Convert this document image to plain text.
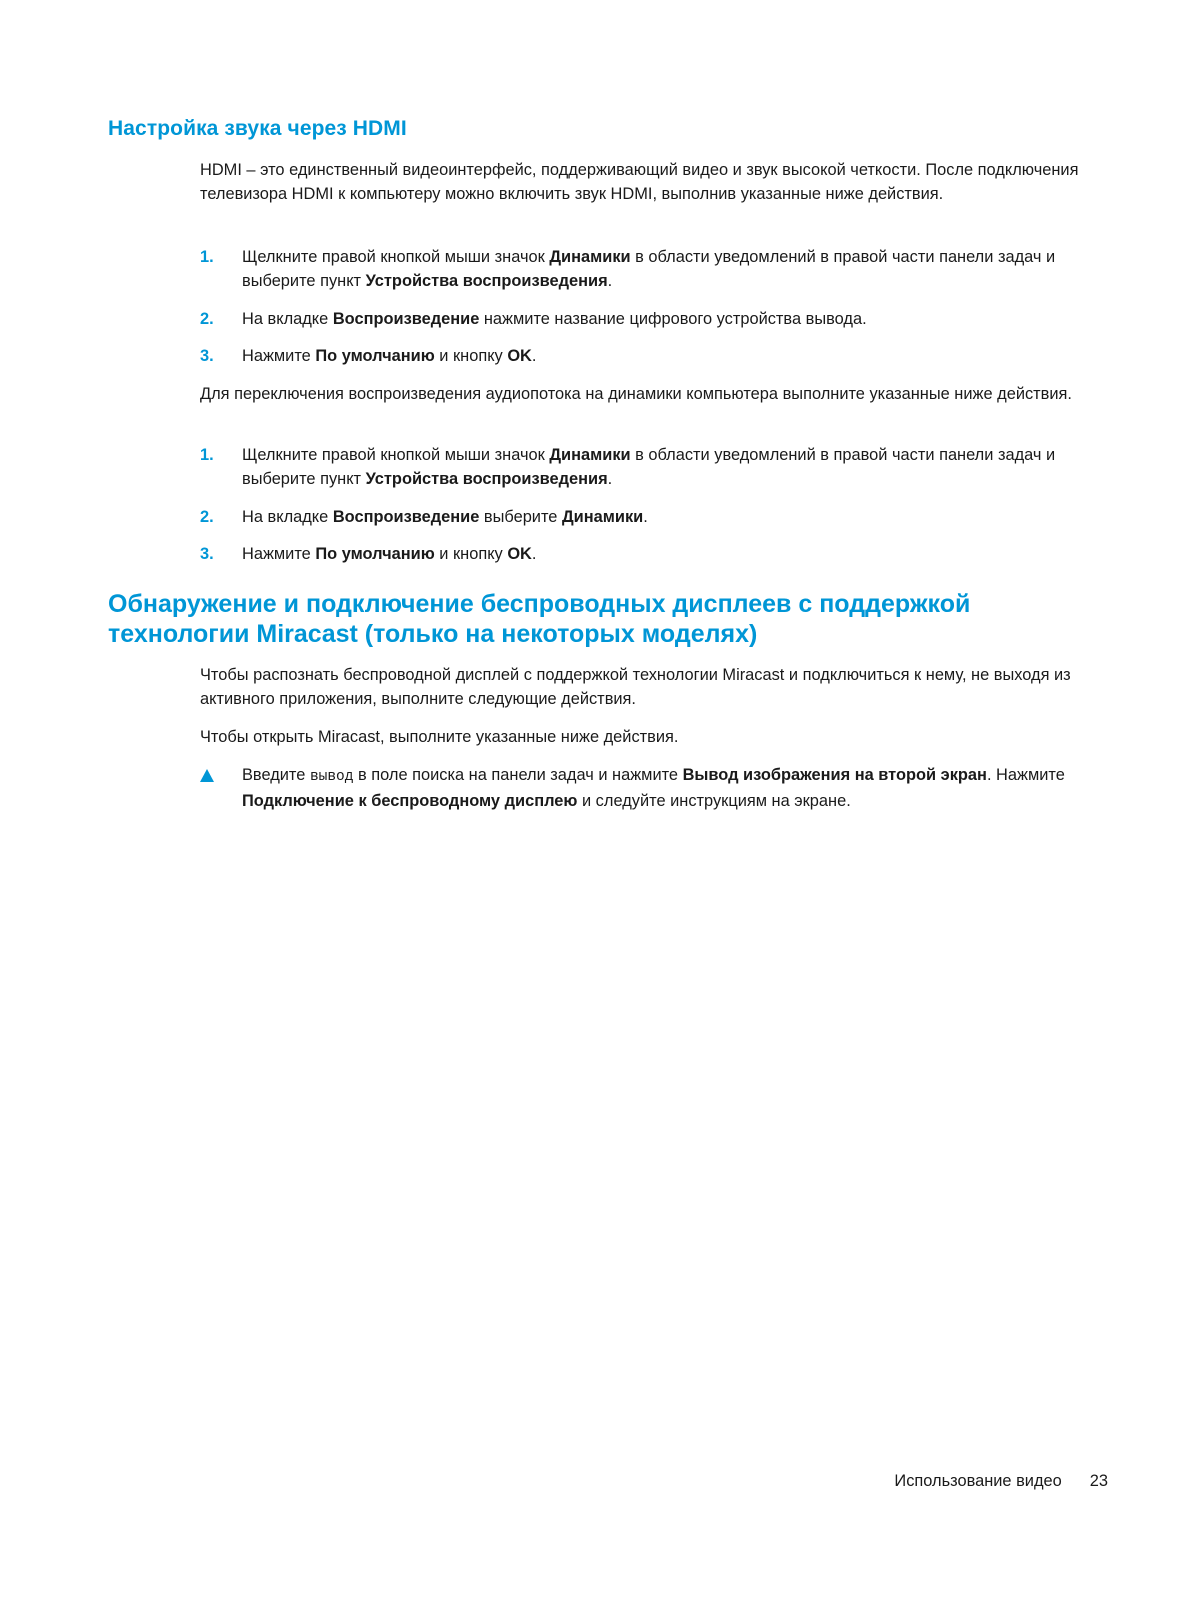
Настройка звука через HDMI

HDMI – это единственный видеоинтерфейс, поддерживающий видео и звук высокой четкости. После подключения телевизора HDMI к компьютеру можно включить звук HDMI, выполнив указанные ниже действия.

1.	Щелкните правой кнопкой мыши значок Динамики в области уведомлений в правой части панели задач и выберите пункт Устройства воспроизведения.
2.	На вкладке Воспроизведение нажмите название цифрового устройства вывода.
3.	Нажмите По умолчанию и кнопку OK.

Для переключения воспроизведения аудиопотока на динамики компьютера выполните указанные ниже действия.

1.	Щелкните правой кнопкой мыши значок Динамики в области уведомлений в правой части панели задач и выберите пункт Устройства воспроизведения.
2.	На вкладке Воспроизведение выберите Динамики.
3.	Нажмите По умолчанию и кнопку OK.
Обнаружение и подключение беспроводных дисплеев с поддержкой технологии Miracast (только на некоторых моделях)

Чтобы распознать беспроводной дисплей с поддержкой технологии Miracast и подключиться к нему, не выходя из активного приложения, выполните следующие действия.

Чтобы открыть Miracast, выполните указанные ниже действия.

Введите вывод в поле поиска на панели задач и нажмите Вывод изображения на второй экран. Нажмите Подключение к беспроводному дисплею и следуйте инструкциям на экране.
Использование видео 23
